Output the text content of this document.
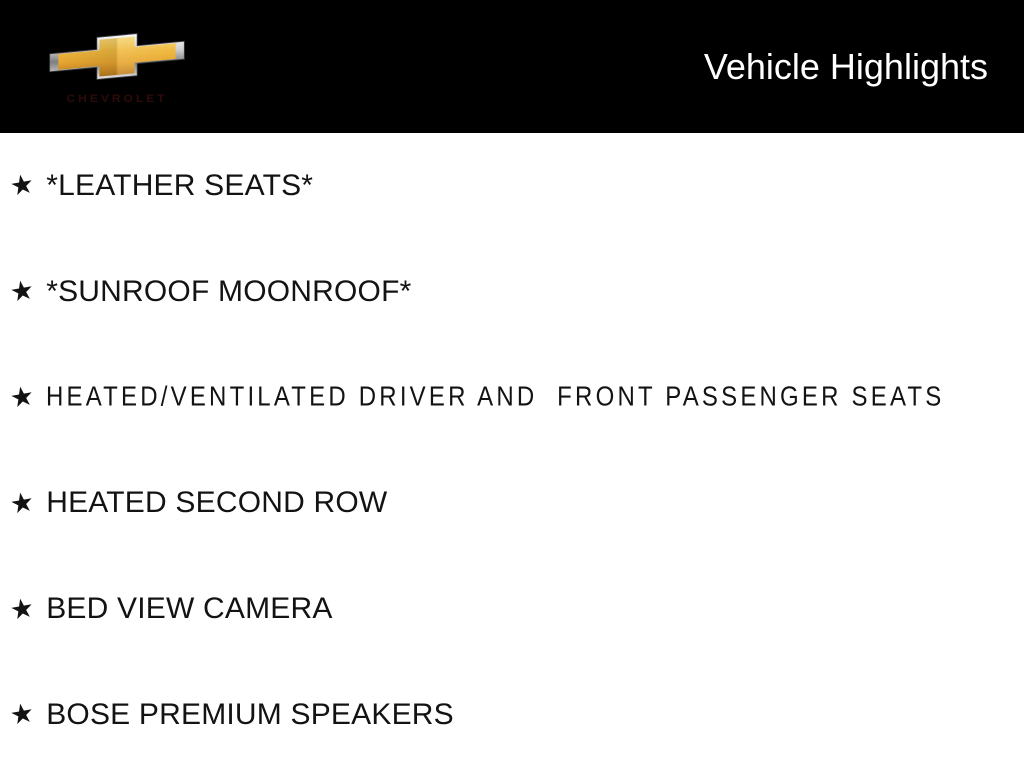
CHEVROLET
Vehicle Highlights
★ *LEATHER SEATS*
★ *SUNROOF MOONROOF*
★ HEATED/VENTILATED DRIVER AND  FRONT PASSENGER SEATS
★ HEATED SECOND ROW
★ BED VIEW CAMERA
★ BOSE PREMIUM SPEAKERS
